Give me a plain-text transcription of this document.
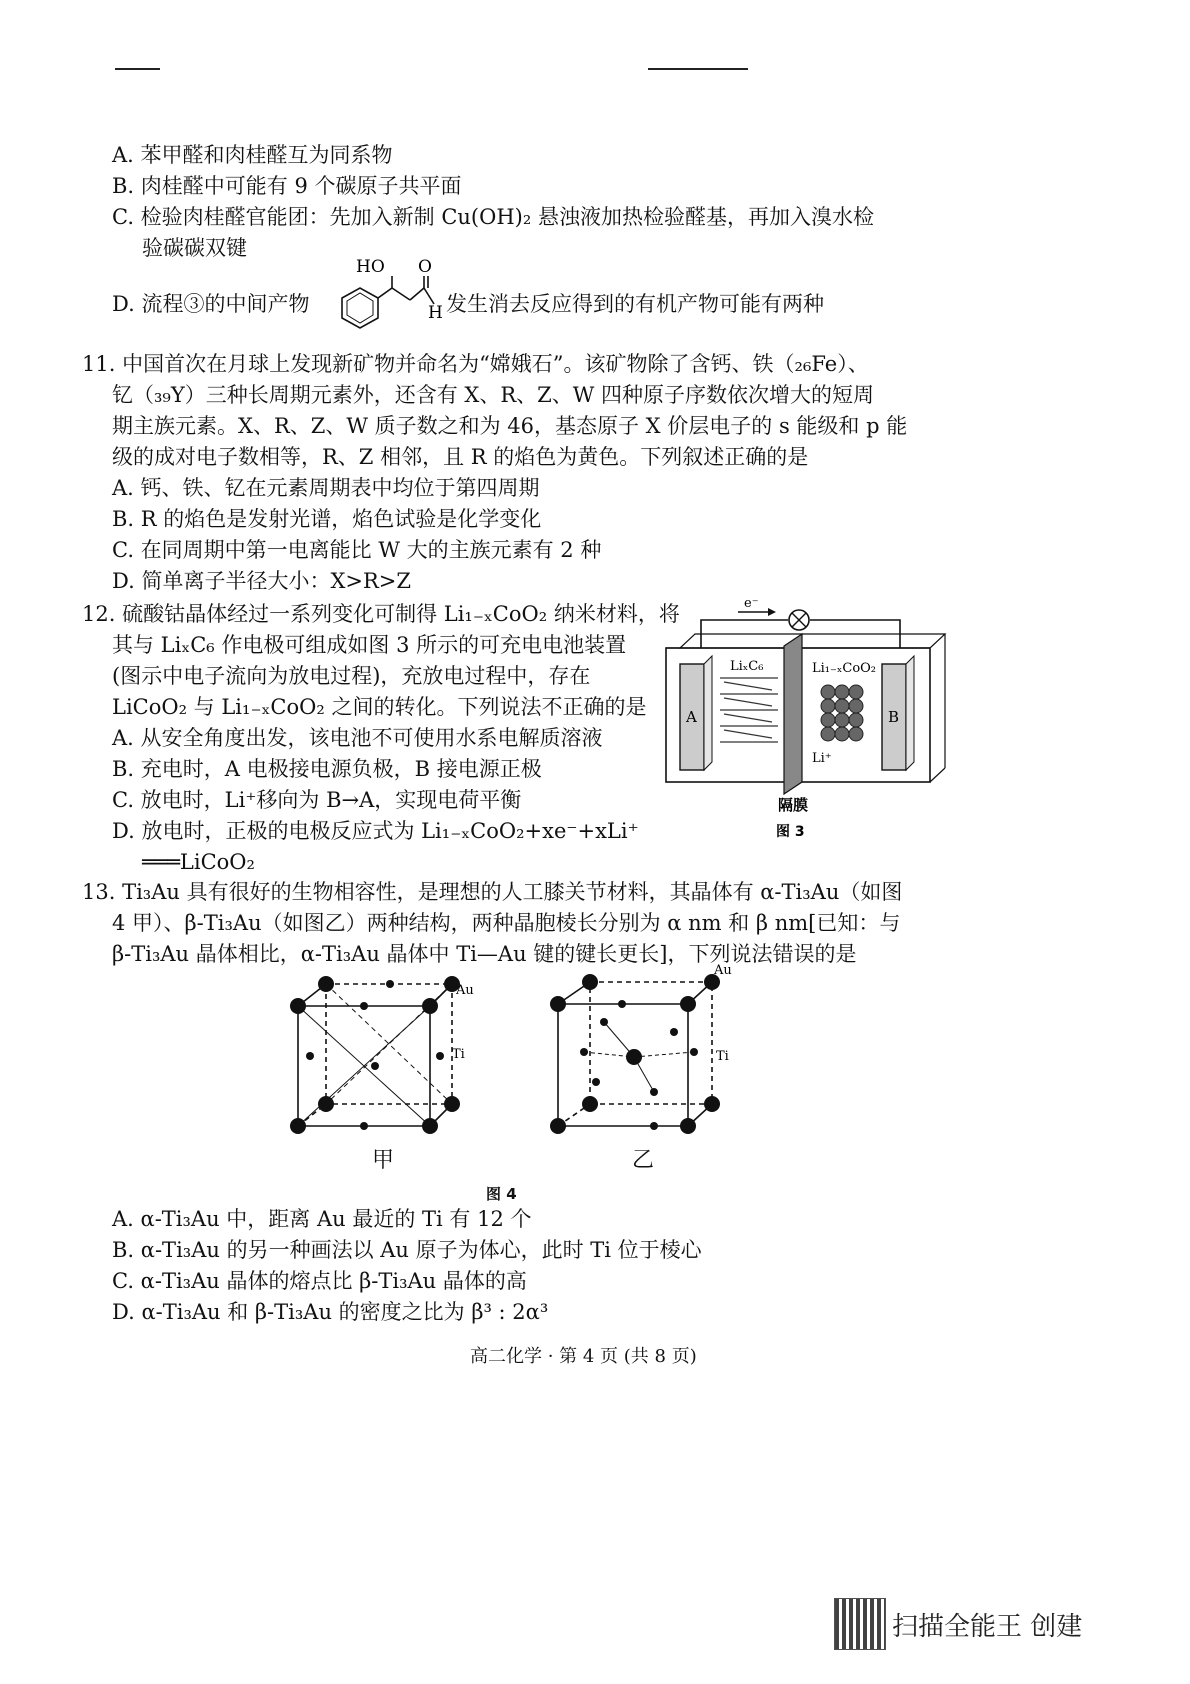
A. 苯甲醛和肉桂醛互为同系物
B. 肉桂醛中可能有 9 个碳原子共平面
C. 检验肉桂醛官能团：先加入新制 Cu(OH)₂ 悬浊液加热检验醛基，再加入溴水检
验碳碳双键
D. 流程③的中间产物
HO O
H 发生消去反应得到的有机产物可能有两种
11. 中国首次在月球上发现新矿物并命名为“嫦娥石”。该矿物除了含钙、铁（₂₆Fe）、
钇（₃₉Y）三种长周期元素外，还含有 X、R、Z、W 四种原子序数依次增大的短周
期主族元素。X、R、Z、W 质子数之和为 46，基态原子 X 价层电子的 s 能级和 p 能
级的成对电子数相等，R、Z 相邻，且 R 的焰色为黄色。下列叙述正确的是
A. 钙、铁、钇在元素周期表中均位于第四周期
B. R 的焰色是发射光谱，焰色试验是化学变化
C. 在同周期中第一电离能比 W 大的主族元素有 2 种
D. 简单离子半径大小：X>R>Z
12. 硫酸钴晶体经过一系列变化可制得 Li₁₋ₓCoO₂ 纳米材料，将
其与 LiₓC₆ 作电极可组成如图 3 所示的可充电电池装置
(图示中电子流向为放电过程)，充放电过程中，存在
LiCoO₂ 与 Li₁₋ₓCoO₂ 之间的转化。下列说法不正确的是
A. 从安全角度出发，该电池不可使用水系电解质溶液
B. 充电时，A 电极接电源负极，B 接电源正极
C. 放电时，Li⁺移向为 B→A，实现电荷平衡
D. 放电时，正极的电极反应式为 Li₁₋ₓCoO₂+xe⁻+xLi⁺
═══LiCoO₂
e⁻
A	B
LiₓC₆	Li₁₋ₓCoO₂
Li⁺
隔膜
图 3
13. Ti₃Au 具有很好的生物相容性，是理想的人工膝关节材料，其晶体有 α-Ti₃Au（如图
4 甲）、β-Ti₃Au（如图乙）两种结构，两种晶胞棱长分别为 α nm 和 β nm[已知：与
β-Ti₃Au 晶体相比，α-Ti₃Au 晶体中 Ti—Au 键的键长更长]，下列说法错误的是
Au
Ti
甲
Au
Ti
乙
图 4
A. α-Ti₃Au 中，距离 Au 最近的 Ti 有 12 个
B. α-Ti₃Au 的另一种画法以 Au 原子为体心，此时 Ti 位于棱心
C. α-Ti₃Au 晶体的熔点比 β-Ti₃Au 晶体的高
D. α-Ti₃Au 和 β-Ti₃Au 的密度之比为 β³ : 2α³
高二化学 · 第 4 页 (共 8 页)
扫描全能王 创建
